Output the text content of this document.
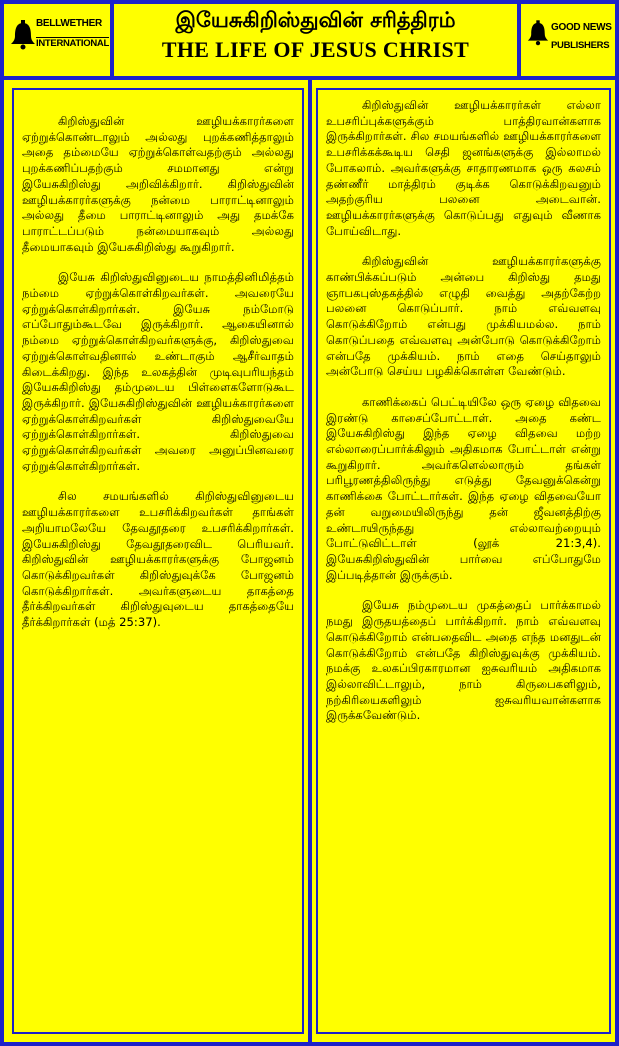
BELLWETHER
INTERNATIONAL
இயேசுகிறிஸ்துவின் சரித்திரம்
THE LIFE OF JESUS CHRIST
GOOD NEWS
PUBLISHERS

கிறிஸ்துவின் ஊழியக்காரர்களை ஏற்றுக்கொண்டாலும் அல்லது புறக்கணித்தாலும் அதை தம்மையே ஏற்றுக்கொள்வதற்கும் அல்லது புறக்கணிப்பதற்கும் சமமானது என்று இயேசுகிறிஸ்து அறிவிக்கிறார். கிறிஸ்துவின் ஊழியக்காரர்களுக்கு நன்மை பாராட்டினாலும் அல்லது தீமை பாராட்டினாலும் அது தமக்கே பாராட்டப்படும் நன்மையாகவும் அல்லது தீமையாகவும் இயேசுகிறிஸ்து கூறுகிறார்.

இயேசு கிறிஸ்துவினுடைய நாமத்தினிமித்தம் நம்மை ஏற்றுக்கொள்கிறவர்கள். அவரையே ஏற்றுக்கொள்கிறார்கள். இயேசு நம்மோடு எப்போதும்கூடவே இருக்கிறார். ஆகையினால் நம்மை ஏற்றுக்கொள்கிறவர்களுக்கு, கிறிஸ்துவை ஏற்றுக்கொள்வதினால் உண்டாகும் ஆசீர்வாதம் கிடைக்கிறது. இந்த உலகத்தின் முடிவுபரியந்தம் இயேசுகிறிஸ்து தம்முடைய பிள்ளைகளோடுகூட இருக்கிறார். இயேசுகிறிஸ்துவின் ஊழியக்காரர்களை ஏற்றுக்கொள்கிறவர்கள் கிறிஸ்துவையே ஏற்றுக்கொள்கிறார்கள். கிறிஸ்துவை ஏற்றுக்கொள்கிறவர்கள் அவரை அனுப்பினவரை ஏற்றுக்கொள்கிறார்கள்.

சில சமயங்களில் கிறிஸ்துவினுடைய ஊழியக்காரர்களை உபசரிக்கிறவர்கள் தாங்கள் அறியாமலேயே தேவதூதரை உபசரிக்கிறார்கள். இயேசுகிறிஸ்து தேவதூதரைவிட பெரியவர். கிறிஸ்துவின் ஊழியக்காரர்களுக்கு போஜனம் கொடுக்கிறவர்கள் கிறிஸ்துவுக்கே போஜனம் கொடுக்கிறார்கள். அவர்களுடைய தாகத்தை தீர்க்கிறவர்கள் கிறிஸ்துவுடைய தாகத்தையே தீர்க்கிறார்கள் (மத் 25:37).

கிறிஸ்துவின் ஊழியக்காரர்கள் எல்லா உபசரிப்புக்களுக்கும் பாத்திரவான்களாக இருக்கிறார்கள். சில சமயங்களில் ஊழியக்காரர்களை உபசரிக்கக்கூடிய செதி ஜனங்களுக்கு இல்லாமல் போகலாம். அவர்களுக்கு சாதாரணமாக ஒரு கலசம் தண்ணீர் மாத்திரம் குடிக்க கொடுக்கிறவனும் அதற்குரிய பலனை அடைவான். ஊழியக்காரர்களுக்கு கொடுப்பது எதுவும் வீணாக போய்விடாது.

கிறிஸ்துவின் ஊழியக்காரர்களுக்கு காண்பிக்கப்படும் அன்பை கிறிஸ்து தமது ஞாபகபுஸ்தகத்தில் எழுதி வைத்து அதற்கேற்ற பலனை கொடுப்பார். நாம் எவ்வளவு கொடுக்கிறோம் என்பது முக்கியமல்ல. நாம் கொடுப்பதை எவ்வளவு அன்போடு கொடுக்கிறோம் என்பதே முக்கியம். நாம் எதை செய்தாலும் அன்போடு செய்ய பழகிக்கொள்ள வேண்டும்.

காணிக்கைப் பெட்டியிலே ஒரு ஏழை விதவை இரண்டு காசைப்போட்டாள். அதை கண்ட இயேசுகிறிஸ்து இந்த ஏழை விதவை மற்ற எல்லாரைப்பார்க்கிலும் அதிகமாக போட்டாள் என்று கூறுகிறார். அவர்களெல்லாரும் தங்கள் பரிபூரணத்திலிருந்து எடுத்து தேவனுக்கென்று காணிக்கை போட்டார்கள். இந்த ஏழை விதவையோ தன் வறுமையிலிருந்து தன் ஜீவனத்திற்கு உண்டாயிருந்தது எல்லாவற்றையும் போட்டுவிட்டாள் (லூக் 21:3,4). இயேசுகிறிஸ்துவின் பார்வை எப்போதுமே இப்படித்தான் இருக்கும்.

இயேசு நம்முடைய முகத்தைப் பார்க்காமல் நமது இருதயத்தைப் பார்க்கிறார். நாம் எவ்வளவு கொடுக்கிறோம் என்பதைவிட அதை எந்த மனதுடன் கொடுக்கிறோம் என்பதே கிறிஸ்துவுக்கு முக்கியம். நமக்கு உலகப்பிரகாரமான ஐசுவரியம் அதிகமாக இல்லாவிட்டாலும், நாம் கிருபைகளிலும், நற்கிரியைகளிலும் ஐசுவரியவான்களாக இருக்கவேண்டும்.
